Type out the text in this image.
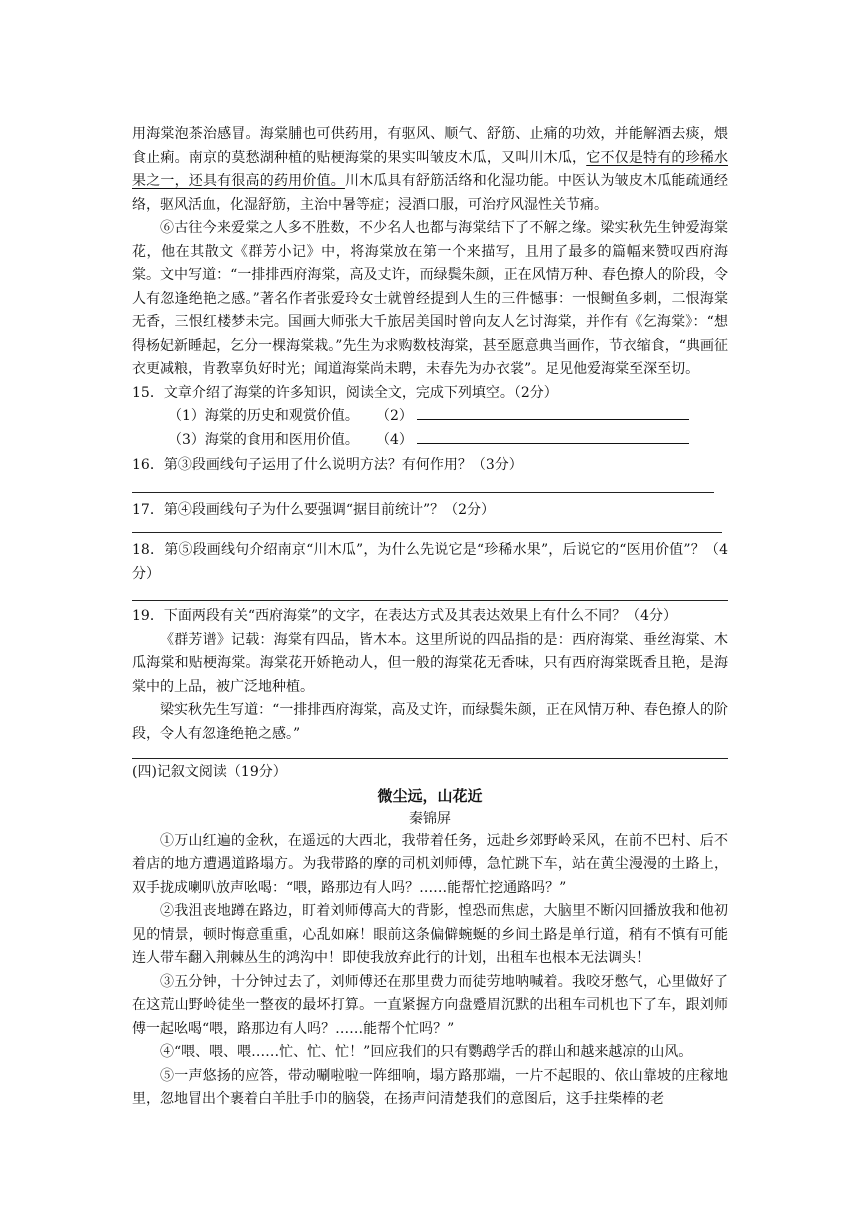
用海棠泡茶治感冒。海棠脯也可供药用，有驱风、顺气、舒筋、止痛的功效，并能解酒去痰，煨食止痢。南京的莫愁湖种植的贴梗海棠的果实叫皱皮木瓜，又叫川木瓜，它不仅是特有的珍稀水果之一，还具有很高的药用价值。川木瓜具有舒筋活络和化湿功能。中医认为皱皮木瓜能疏通经络，驱风活血，化湿舒筋，主治中暑等症；浸酒口服，可治疗风湿性关节痛。

⑥古往今来爱棠之人多不胜数，不少名人也都与海棠结下了不解之缘。梁实秋先生钟爱海棠花，他在其散文《群芳小记》中，将海棠放在第一个来描写，且用了最多的篇幅来赞叹西府海棠。文中写道：“一排排西府海棠，高及丈许，而绿鬓朱颜，正在风情万种、春色撩人的阶段，令人有忽逢绝艳之感。”著名作者张爱玲女士就曾经提到人生的三件憾事：一恨鲥鱼多刺，二恨海棠无香，三恨红楼梦未完。国画大师张大千旅居美国时曾向友人乞讨海棠，并作有《乞海棠》：“想得杨妃新睡起，乞分一棵海棠栽。”先生为求购数枝海棠，甚至愿意典当画作，节衣缩食，“典画征衣更减粮，肯教辜负好时光；闻道海棠尚未聘，未春先为办衣裳”。足见他爱海棠至深至切。

15．文章介绍了海棠的许多知识，阅读全文，完成下列填空。（2分）

（1）海棠的历史和观赏价值。	（2）
（3）海棠的食用和医用价值。	（4）

16．第③段画线句子运用了什么说明方法？有何作用？（3分）

17．第④段画线句子为什么要强调“据目前统计”？（2分）

18．第⑤段画线句介绍南京“川木瓜”，为什么先说它是“珍稀水果”，后说它的“医用价值”？（4分）

19．下面两段有关“西府海棠”的文字，在表达方式及其表达效果上有什么不同？（4分）

《群芳谱》记载：海棠有四品，皆木本。这里所说的四品指的是：西府海棠、垂丝海棠、木瓜海棠和贴梗海棠。海棠花开娇艳动人，但一般的海棠花无香味，只有西府海棠既香且艳，是海棠中的上品，被广泛地种植。

梁实秋先生写道：“一排排西府海棠，高及丈许，而绿鬓朱颜，正在风情万种、春色撩人的阶段，令人有忽逢绝艳之感。”

(四)记叙文阅读（19分）

微尘远，山花近
秦锦屏

①万山红遍的金秋，在遥远的大西北，我带着任务，远赴乡郊野岭采风，在前不巴村、后不着店的地方遭遇道路塌方。为我带路的摩的司机刘师傅，急忙跳下车，站在黄尘漫漫的土路上，双手拢成喇叭放声吆喝：“喂，路那边有人吗？……能帮忙挖通路吗？”

②我沮丧地蹲在路边，盯着刘师傅高大的背影，惶恐而焦虑，大脑里不断闪回播放我和他初见的情景，顿时悔意重重，心乱如麻！眼前这条偏僻蜿蜒的乡间土路是单行道，稍有不慎有可能连人带车翻入荆棘丛生的鸿沟中！即使我放弃此行的计划，出租车也根本无法调头！

③五分钟，十分钟过去了，刘师傅还在那里费力而徒劳地呐喊着。我咬牙憋气，心里做好了在这荒山野岭徒坐一整夜的最坏打算。一直紧握方向盘蹙眉沉默的出租车司机也下了车，跟刘师傅一起吆喝“喂，路那边有人吗？……能帮个忙吗？”

④“喂、喂、喂……忙、忙、忙！”回应我们的只有鹦鹉学舌的群山和越来越凉的山风。

⑤一声悠扬的应答，带动唰啦啦一阵细响，塌方路那端，一片不起眼的、依山靠坡的庄稼地里，忽地冒出个裹着白羊肚手巾的脑袋，在扬声问清楚我们的意图后，这手拄柴棒的老
